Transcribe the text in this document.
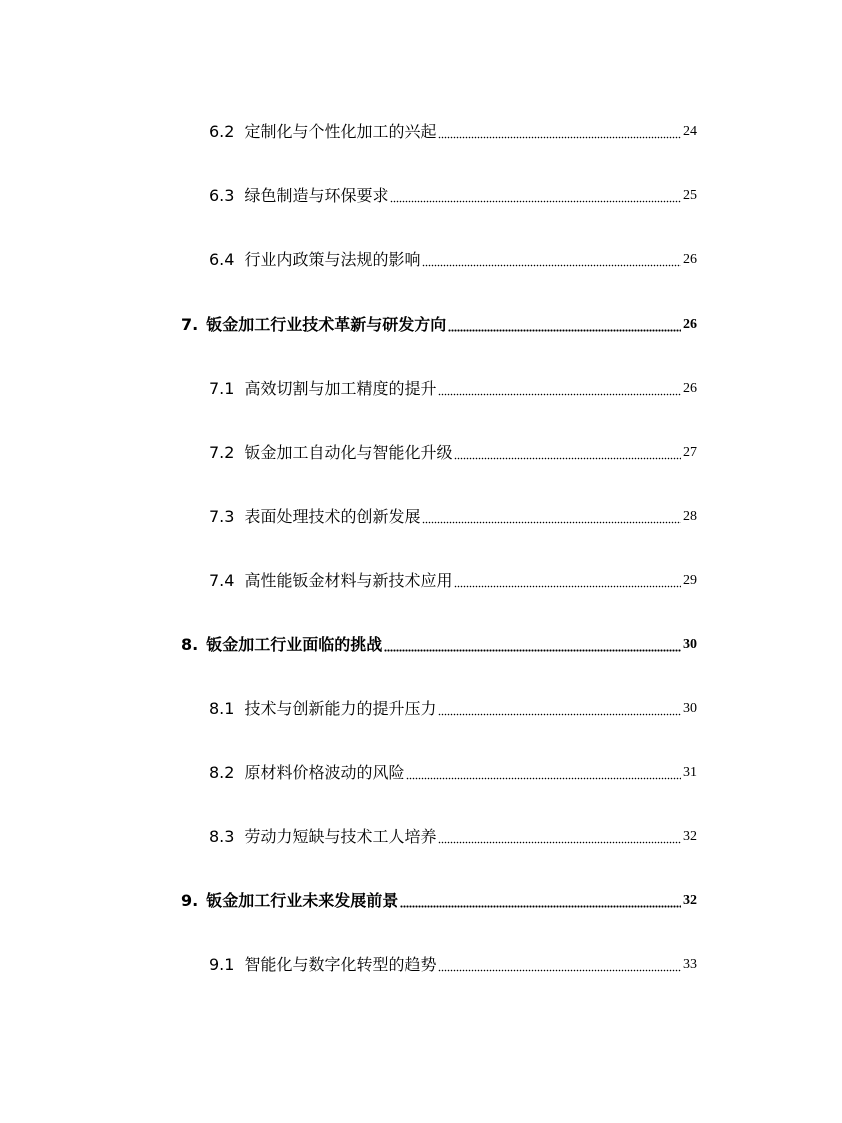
6.2 定制化与个性化加工的兴起	24
6.3 绿色制造与环保要求	25
6.4 行业内政策与法规的影响	26
7. 钣金加工行业技术革新与研发方向	26
7.1 高效切割与加工精度的提升	26
7.2 钣金加工自动化与智能化升级	27
7.3 表面处理技术的创新发展	28
7.4 高性能钣金材料与新技术应用	29
8. 钣金加工行业面临的挑战	30
8.1 技术与创新能力的提升压力	30
8.2 原材料价格波动的风险	31
8.3 劳动力短缺与技术工人培养	32
9. 钣金加工行业未来发展前景	32
9.1 智能化与数字化转型的趋势	33
